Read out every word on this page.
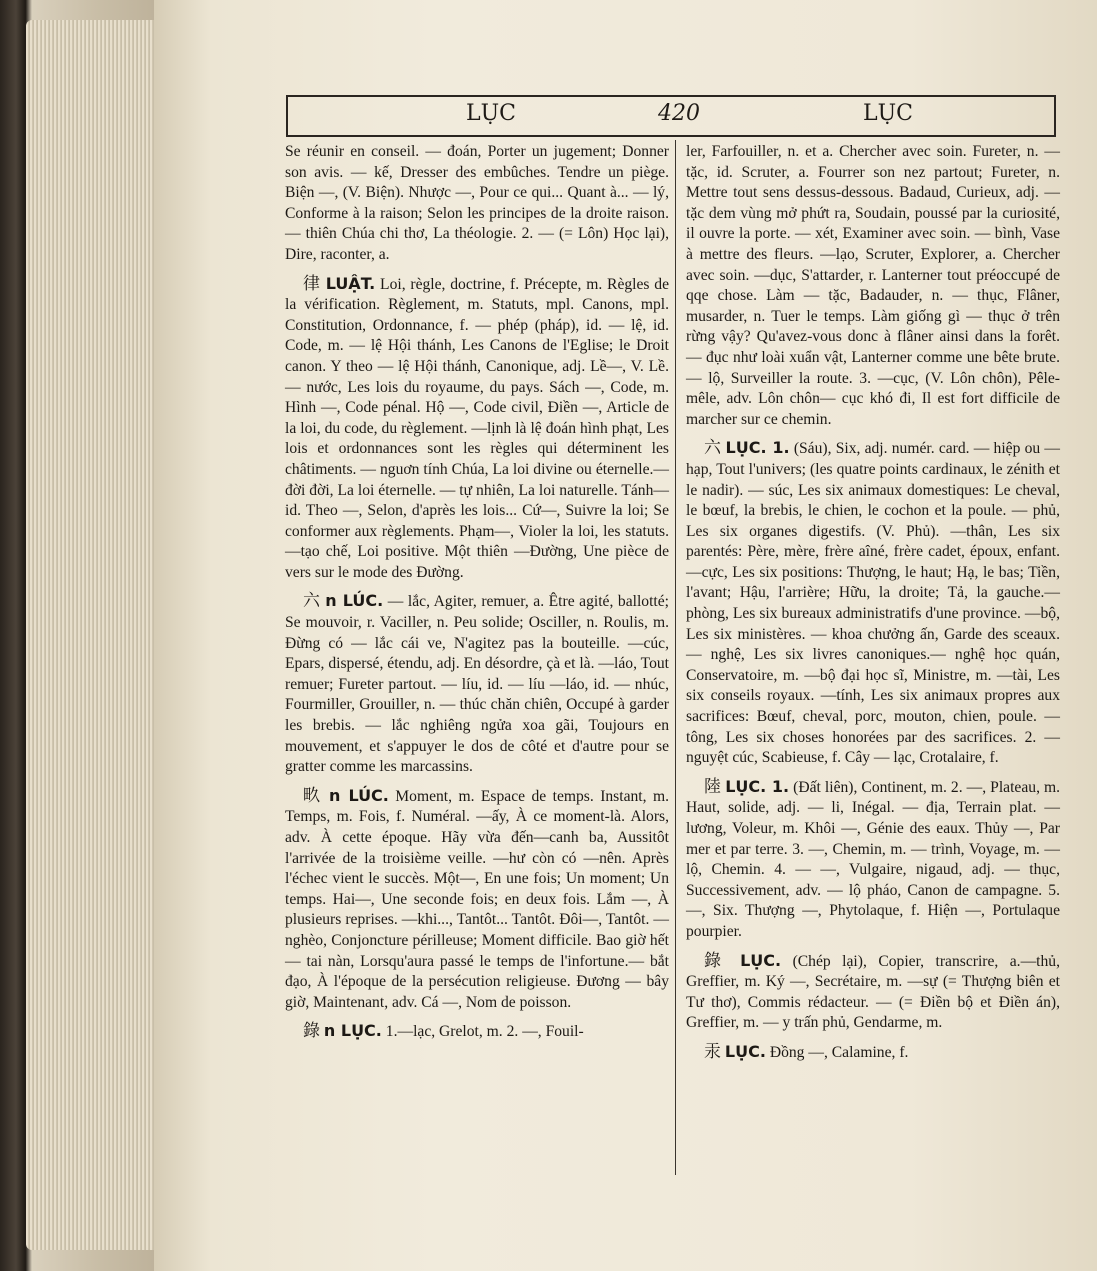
LỤC	420	LỤC
Se réunir en conseil. — đoán, Porter un jugement; Donner son avis. — kế, Dresser des embûches. Tendre un piège. Biện —, (V. Biện). Nhược —, Pour ce qui... Quant à... — lý, Conforme à la raison; Selon les principes de la droite raison. — thiên Chúa chi thơ, La théologie. 2. — (= Lôn) Học lại), Dire, raconter, a.
律 LUẬT. Loi, règle, doctrine, f. Précepte, m. Règles de la vérification. Règlement, m. Statuts, mpl. Canons, mpl. Constitution, Ordonnance, f. — phép (pháp), id. — lệ, id. Code, m. — lệ Hội thánh, Les Canons de l'Eglise; le Droit canon. Y theo — lệ Hội thánh, Canonique, adj. Lề—, V. Lề. — nước, Les lois du royaume, du pays. Sách —, Code, m. Hình —, Code pénal. Hộ —, Code civil, Điền —, Article de la loi, du code, du règlement. —lịnh là lệ đoán hình phạt, Les lois et ordonnances sont les règles qui déterminent les châtiments. — nguơn tính Chúa, La loi divine ou éternelle.—đời đời, La loi éternelle. — tự nhiên, La loi naturelle. Tánh— id. Theo —, Selon, d'après les lois... Cứ—, Suivre la loi; Se conformer aux règlements. Phạm—, Violer la loi, les statuts. —tạo chế, Loi positive. Một thiên —Đường, Une pièce de vers sur le mode des Đường.
六 n LÚC. — lắc, Agiter, remuer, a. Être agité, ballotté; Se mouvoir, r. Vaciller, n. Peu solide; Osciller, n. Roulis, m. Đừng có — lắc cái ve, N'agitez pas la bouteille. —cúc, Epars, dispersé, étendu, adj. En désordre, çà et là. —láo, Tout remuer; Fureter partout. — líu, id. — líu —láo, id. — nhúc, Fourmiller, Grouiller, n. — thúc chăn chiên, Occupé à garder les brebis. — lắc nghiêng ngửa xoa gãi, Toujours en mouvement, et s'appuyer le dos de côté et d'autre pour se gratter comme les marcassins.
畂 n LÚC. Moment, m. Espace de temps. Instant, m. Temps, m. Fois, f. Numéral. —ấy, À ce moment-là. Alors, adv. À cette époque. Hãy vừa đến—canh ba, Aussitôt l'arrivée de la troisième veille. —hư còn có —nên. Après l'échec vient le succès. Một—, En une fois; Un moment; Un temps. Hai—, Une seconde fois; en deux fois. Lắm —, À plusieurs reprises. —khi..., Tantôt... Tantôt. Đôi—, Tantôt. —nghèo, Conjoncture périlleuse; Moment difficile. Bao giờ hết — tai nàn, Lorsqu'aura passé le temps de l'infortune.— bắt đạo, À l'époque de la persécution religieuse. Đương — bây giờ, Maintenant, adv. Cá —, Nom de poisson.
錄 n LỤC. 1.—lạc, Grelot, m. 2. —, Fouil-
ler, Farfouiller, n. et a. Chercher avec soin. Fureter, n. — tặc, id. Scruter, a. Fourrer son nez partout; Fureter, n. Mettre tout sens dessus-dessous. Badaud, Curieux, adj. — tặc dem vùng mở phứt ra, Soudain, poussé par la curiosité, il ouvre la porte. — xét, Examiner avec soin. — bình, Vase à mettre des fleurs. —lạo, Scruter, Explorer, a. Chercher avec soin. —dục, S'attarder, r. Lanterner tout préoccupé de qqe chose. Làm — tặc, Badauder, n. — thục, Flâner, musarder, n. Tuer le temps. Làm giống gì — thục ở trên rừng vậy? Qu'avez-vous donc à flâner ainsi dans la forêt. — đục như loài xuẩn vật, Lanterner comme une bête brute. — lộ, Surveiller la route. 3. —cục, (V. Lôn chôn), Pêle-mêle, adv. Lôn chôn— cục khó đi, Il est fort difficile de marcher sur ce chemin.
六 LỤC. 1. (Sáu), Six, adj. numér. card. — hiệp ou — hạp, Tout l'univers; (les quatre points cardinaux, le zénith et le nadir). — súc, Les six animaux domestiques: Le cheval, le bœuf, la brebis, le chien, le cochon et la poule. — phủ, Les six organes digestifs. (V. Phủ). —thân, Les six parentés: Père, mère, frère aîné, frère cadet, époux, enfant. —cực, Les six positions: Thượng, le haut; Hạ, le bas; Tiền, l'avant; Hậu, l'arrière; Hữu, la droite; Tả, la gauche.— phòng, Les six bureaux administratifs d'une province. —bộ, Les six ministères. — khoa chưởng ấn, Garde des sceaux. — nghệ, Les six livres canoniques.— nghệ học quán, Conservatoire, m. —bộ đại học sĩ, Ministre, m. —tài, Les six conseils royaux. —tính, Les six animaux propres aux sacrifices: Bœuf, cheval, porc, mouton, chien, poule. —tông, Les six choses honorées par des sacrifices. 2. — nguyệt cúc, Scabieuse, f. Cây — lạc, Crotalaire, f.
陸 LỤC. 1. (Đất liên), Continent, m. 2. —, Plateau, m. Haut, solide, adj. — li, Inégal. — địa, Terrain plat. — lương, Voleur, m. Khôi —, Génie des eaux. Thủy —, Par mer et par terre. 3. —, Chemin, m. — trình, Voyage, m. — lộ, Chemin. 4. — —, Vulgaire, nigaud, adj. — thục, Successivement, adv. — lộ pháo, Canon de campagne. 5. —, Six. Thượng —, Phytolaque, f. Hiện —, Portulaque pourpier.
錄 LỤC. (Chép lại), Copier, transcrire, a.—thủ, Greffier, m. Ký —, Secrétaire, m. —sự (= Thượng biên et Tư thơ), Commis rédacteur. — (= Điền bộ et Điền án), Greffier, m. — y trấn phủ, Gendarme, m.
汞 LỤC. Đồng —, Calamine, f.
